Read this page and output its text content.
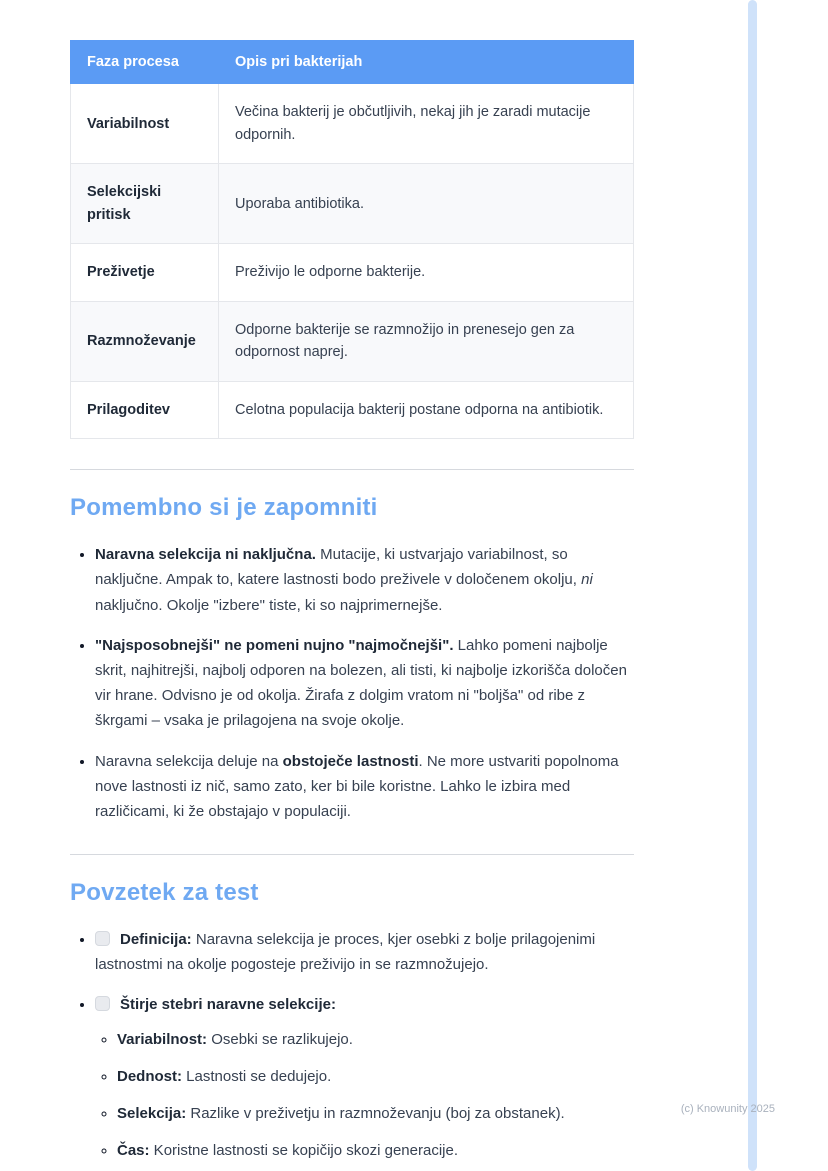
Faza procesa	Opis pri bakterijah
Variabilnost	Večina bakterij je občutljivih, nekaj jih je zaradi mutacije odpornih.
Selekcijski pritisk	Uporaba antibiotika.
Preživetje	Preživijo le odporne bakterije.
Razmnoževanje	Odporne bakterije se razmnožijo in prenesejo gen za odpornost naprej.
Prilagoditev	Celotna populacija bakterij postane odporna na antibiotik.
Pomembno si je zapomniti
• Naravna selekcija ni naključna. Mutacije, ki ustvarjajo variabilnost, so naključne. Ampak to, katere lastnosti bodo preživele v določenem okolju, ni naključno. Okolje "izbere" tiste, ki so najprimernejše.
• "Najsposobnejši" ne pomeni nujno "najmočnejši". Lahko pomeni najbolje skrit, najhitrejši, najbolj odporen na bolezen, ali tisti, ki najbolje izkorišča določen vir hrane. Odvisno je od okolja. Žirafa z dolgim vratom ni "boljša" od ribe z škrgami – vsaka je prilagojena na svoje okolje.
• Naravna selekcija deluje na obstoječe lastnosti. Ne more ustvariti popolnoma nove lastnosti iz nič, samo zato, ker bi bile koristne. Lahko le izbira med različicami, ki že obstajajo v populaciji.
Povzetek za test
• Definicija: Naravna selekcija je proces, kjer osebki z bolje prilagojenimi lastnostmi na okolje pogosteje preživijo in se razmnožujejo.
• Štirje stebri naravne selekcije:
◦ Variabilnost: Osebki se razlikujejo.
◦ Dednost: Lastnosti se dedujejo.
◦ Selekcija: Razlike v preživetju in razmnoževanju (boj za obstanek).
◦ Čas: Koristne lastnosti se kopičijo skozi generacije.
(c) Knowunity 2025
